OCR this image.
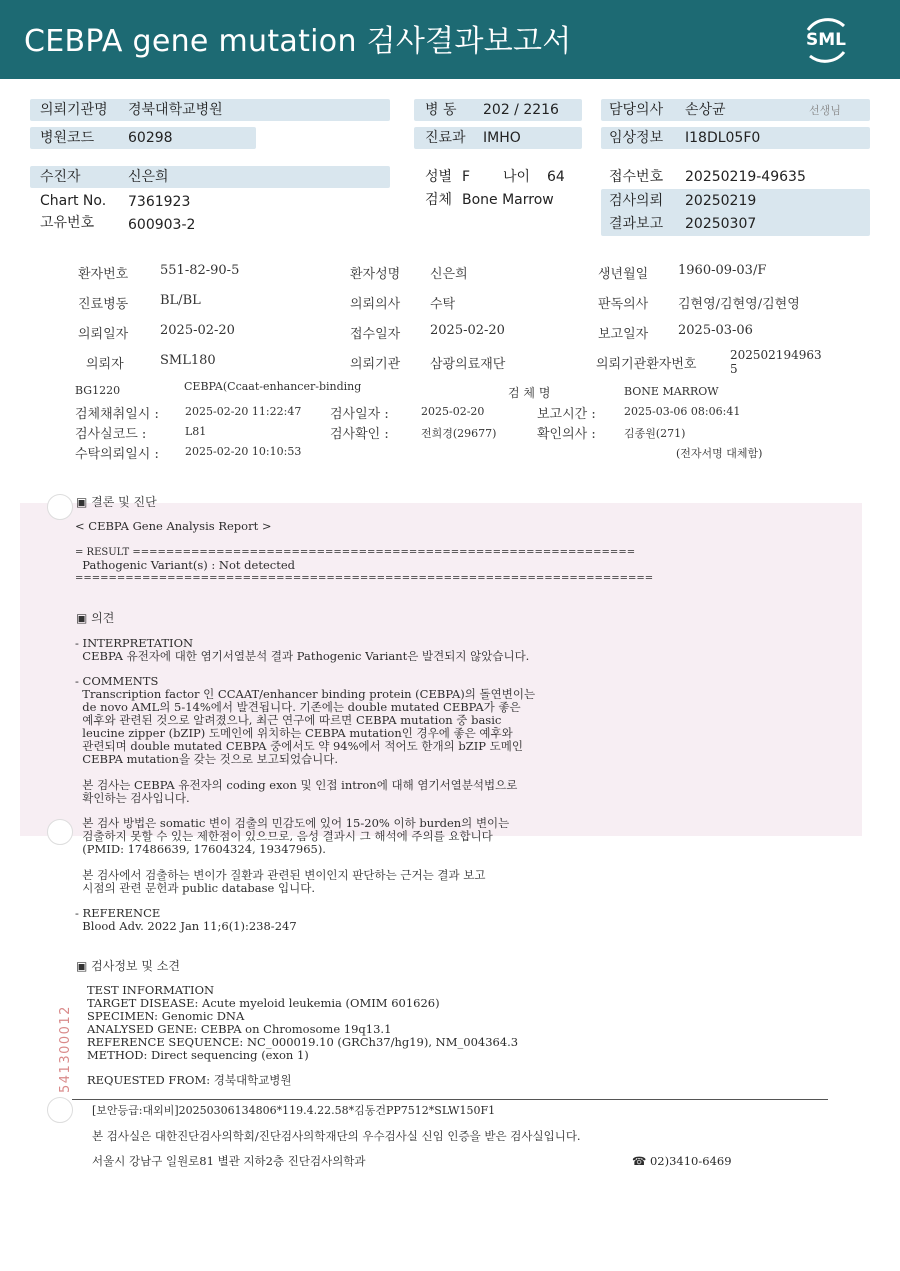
CEBPA gene mutation 검사결과보고서	SML
의뢰기관명 경북대학교병원
병원코드 60298
병 동 202 / 2216
진료과 IMHO
담당의사 손상균	선생님
임상정보 I18DL05F0
수진자	신은희
Chart No. 7361923
고유번호 600903-2
성별 F 나이 64
검체 Bone Marrow
접수번호 20250219-49635
검사의뢰 20250219
결과보고 20250307
환자번호 551-82-90-5	환자성명 신은희	생년월일 1960-09-03/F
진료병동 BL/BL	의뢰의사 수탁	판독의사 김현영/김현영/김현영
의뢰일자 2025-02-20	접수일자 2025-02-20	보고일자 2025-03-06
의뢰자	SML180	의뢰기관 삼광의료재단	의뢰기관환자번호
202502194963
5
BG1220	CEBPA(Ccaat-enhancer-binding	검 체 명	BONE MARROW
검체채취일시 : 2025-02-20 11:22:47 검사일자 :	2025-02-20	보고시간 :	2025-03-06 08:06:41
검사실코드 :	L81	검사확인 :	전희경(29677)	확인의사 :	김종원(271)
수탁의뢰일시 : 2025-02-20 10:10:53	(전자서명 대체함)
▣ 결론 및 진단
< CEBPA Gene Analysis Report >
= RESULT ============================================================
Pathogenic Variant(s) : Not detected
=====================================================================
▣ 의견
- INTERPRETATION
CEBPA 유전자에 대한 염기서열분석 결과 Pathogenic Variant은 발견되지 않았습니다.
- COMMENTS
Transcription factor 인 CCAAT/enhancer binding protein (CEBPA)의 돌연변이는
de novo AML의 5-14%에서 발견됩니다. 기존에는 double mutated CEBPA가 좋은
예후와 관련된 것으로 알려졌으나, 최근 연구에 따르면 CEBPA mutation 중 basic
leucine zipper (bZIP) 도메인에 위치하는 CEBPA mutation인 경우에 좋은 예후와
관련되며 double mutated CEBPA 중에서도 약 94%에서 적어도 한개의 bZIP 도메인
CEBPA mutation을 갖는 것으로 보고되었습니다.
본 검사는 CEBPA 유전자의 coding exon 및 인접 intron에 대해 염기서열분석법으로
확인하는 검사입니다.
본 검사 방법은 somatic 변이 검출의 민감도에 있어 15-20% 이하 burden의 변이는
검출하지 못할 수 있는 제한점이 있으므로, 음성 결과시 그 해석에 주의를 요합니다
(PMID: 17486639, 17604324, 19347965).
본 검사에서 검출하는 변이가 질환과 관련된 변이인지 판단하는 근거는 결과 보고
시점의 관련 문헌과 public database 입니다.
- REFERENCE
Blood Adv. 2022 Jan 11;6(1):238-247
▣ 검사정보 및 소견
TEST INFORMATION
TARGET DISEASE: Acute myeloid leukemia (OMIM 601626)
SPECIMEN: Genomic DNA
ANALYSED GENE: CEBPA on Chromosome 19q13.1
REFERENCE SEQUENCE: NC_000019.10 (GRCh37/hg19), NM_004364.3
METHOD: Direct sequencing (exon 1)
REQUESTED FROM: 경북대학교병원
541300012
[보안등급:대외비]20250306134806*119.4.22.58*김동건PP7512*SLW150F1
본 검사실은 대한진단검사의학회/진단검사의학재단의 우수검사실 신임 인증을 받은 검사실입니다.
서울시 강남구 일원로81 별관 지하2층 진단검사의학과	☎ 02)3410-6469
